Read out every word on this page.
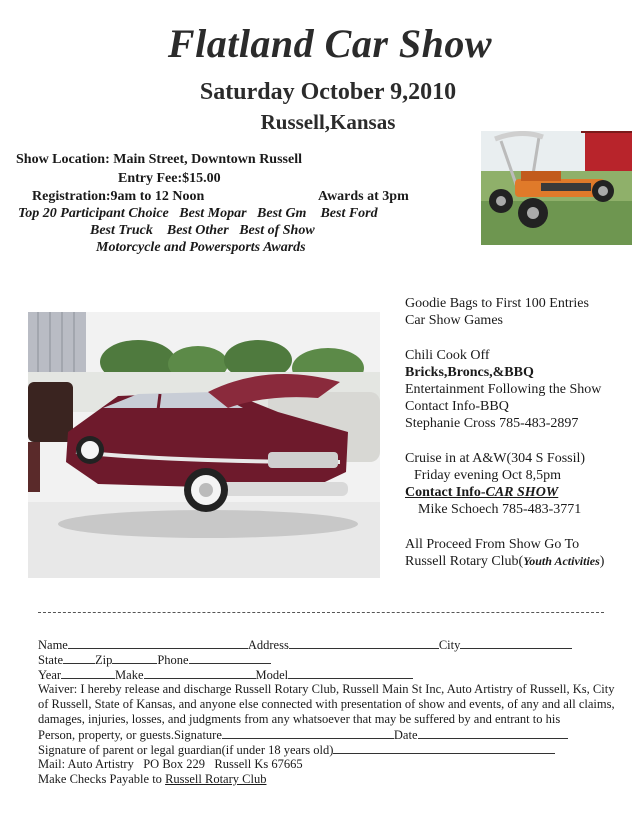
Flatland Car Show
Saturday October 9,2010
Russell,Kansas
Show Location: Main Street, Downtown Russell
Entry Fee:$15.00
Registration:9am to 12 Noon	Awards at 3pm
Top 20 Participant Choice   Best Mopar   Best Gm    Best Ford
Best Truck    Best Other   Best of Show
Motorcycle and Powersports Awards
Goodie Bags to First 100 Entries
Car Show Games
Chili Cook Off
Bricks,Broncs,&BBQ
Entertainment Following the Show
Contact Info-BBQ
Stephanie Cross 785-483-2897
Cruise in at A&W(304 S Fossil)
Friday evening Oct 8,5pm
Contact Info-CAR SHOW
Mike Schoech 785-483-3771
All Proceed From Show Go To
Russell Rotary Club(Youth Activities)
Name	Address	City
State	Zip	Phone
Year	Make	Model
Waiver: I hereby release and discharge Russell Rotary Club, Russell Main St Inc, Auto Artistry of Russell, Ks, City
of Russell, State of Kansas, and anyone else connected with presentation of show and events, of any and all claims,
damages, injuries, losses, and judgments from any whatsoever that may be suffered by and entrant to his
Person, property, or guests.Signature	Date
Signature of parent or legal guardian(if under 18 years old)
Mail: Auto Artistry   PO Box 229   Russell Ks 67665
Make Checks Payable to Russell Rotary Club
